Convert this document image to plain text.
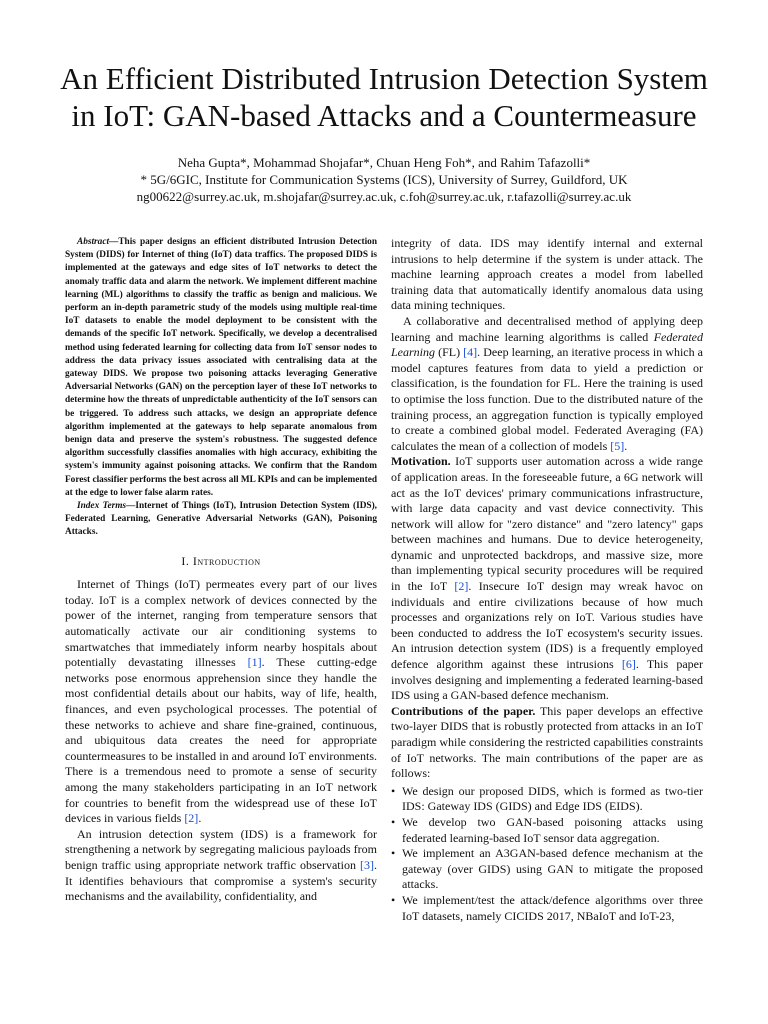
An Efficient Distributed Intrusion Detection System
in IoT: GAN-based Attacks and a Countermeasure
Neha Gupta*, Mohammad Shojafar*, Chuan Heng Foh*, and Rahim Tafazolli*
* 5G/6GIC, Institute for Communication Systems (ICS), University of Surrey, Guildford, UK
ng00622@surrey.ac.uk, m.shojafar@surrey.ac.uk, c.foh@surrey.ac.uk, r.tafazolli@surrey.ac.uk

Abstract—This paper designs an efficient distributed Intrusion Detection System (DIDS) for Internet of thing (IoT) data traffics. The proposed DIDS is implemented at the gateways and edge sites of IoT networks to detect the anomaly traffic data and alarm the network. We implement different machine learning (ML) algorithms to classify the traffic as benign and malicious. We perform an in-depth parametric study of the models using multiple real-time IoT datasets to enable the model deployment to be consistent with the demands of the specific IoT network. Specifically, we develop a decentralised method using federated learning for collecting data from IoT sensor nodes to address the data privacy issues associated with centralising data at the gateway DIDS. We propose two poisoning attacks leveraging Generative Adversarial Networks (GAN) on the perception layer of these IoT networks to determine how the threats of unpredictable authenticity of the IoT sensors can be triggered. To address such attacks, we design an appropriate defence algorithm implemented at the gateways to help separate anomalous from benign data and preserve the system's robustness. The suggested defence algorithm successfully classifies anomalies with high accuracy, exhibiting the system's immunity against poisoning attacks. We confirm that the Random Forest classifier performs the best across all ML KPIs and can be implemented at the edge to lower false alarm rates.

Index Terms—Internet of Things (IoT), Intrusion Detection System (IDS), Federated Learning, Generative Adversarial Networks (GAN), Poisoning Attacks.

I. Introduction

Internet of Things (IoT) permeates every part of our lives today. IoT is a complex network of devices connected by the power of the internet, ranging from temperature sensors that automatically activate our air conditioning systems to smartwatches that immediately inform nearby hospitals about potentially devastating illnesses [1]. These cutting-edge networks pose enormous apprehension since they handle the most confidential details about our habits, way of life, health, finances, and even psychological processes. The potential of these networks to achieve and share fine-grained, continuous, and ubiquitous data creates the need for appropriate countermeasures to be installed in and around IoT environments. There is a tremendous need to promote a sense of security among the many stakeholders participating in an IoT network for countries to benefit from the widespread use of these IoT devices in various fields [2].

An intrusion detection system (IDS) is a framework for strengthening a network by segregating malicious payloads from benign traffic using appropriate network traffic observation [3]. It identifies behaviours that compromise a system's security mechanisms and the availability, confidentiality, and

integrity of data. IDS may identify internal and external intrusions to help determine if the system is under attack. The machine learning approach creates a model from labelled training data that automatically identify anomalous data using data mining techniques.

A collaborative and decentralised method of applying deep learning and machine learning algorithms is called Federated Learning (FL) [4]. Deep learning, an iterative process in which a model captures features from data to yield a prediction or classification, is the foundation for FL. Here the training is used to optimise the loss function. Due to the distributed nature of the training process, an aggregation function is typically employed to create a combined global model. Federated Averaging (FA) calculates the mean of a collection of models [5].

Motivation. IoT supports user automation across a wide range of application areas. In the foreseeable future, a 6G network will act as the IoT devices' primary communications infrastructure, with large data capacity and vast device connectivity. This network will allow for "zero distance" and "zero latency" gaps between machines and humans. Due to device heterogeneity, dynamic and unprotected backdrops, and massive size, more than implementing typical security procedures will be required in the IoT [2]. Insecure IoT design may wreak havoc on individuals and entire civilizations because of how much processes and organizations rely on IoT. Various studies have been conducted to address the IoT ecosystem's security issues. An intrusion detection system (IDS) is a frequently employed defence algorithm against these intrusions [6]. This paper involves designing and implementing a federated learning-based IDS using a GAN-based defence mechanism.

Contributions of the paper. This paper develops an effective two-layer DIDS that is robustly protected from attacks in an IoT paradigm while considering the restricted capabilities constraints of IoT networks. The main contributions of the paper are as follows:

• We design our proposed DIDS, which is formed as two-tier IDS: Gateway IDS (GIDS) and Edge IDS (EIDS).
• We develop two GAN-based poisoning attacks using federated learning-based IoT sensor data aggregation.
• We implement an A3GAN-based defence mechanism at the gateway (over GIDS) using GAN to mitigate the proposed attacks.
• We implement/test the attack/defence algorithms over three IoT datasets, namely CICIDS 2017, NBaIoT and IoT-23,
